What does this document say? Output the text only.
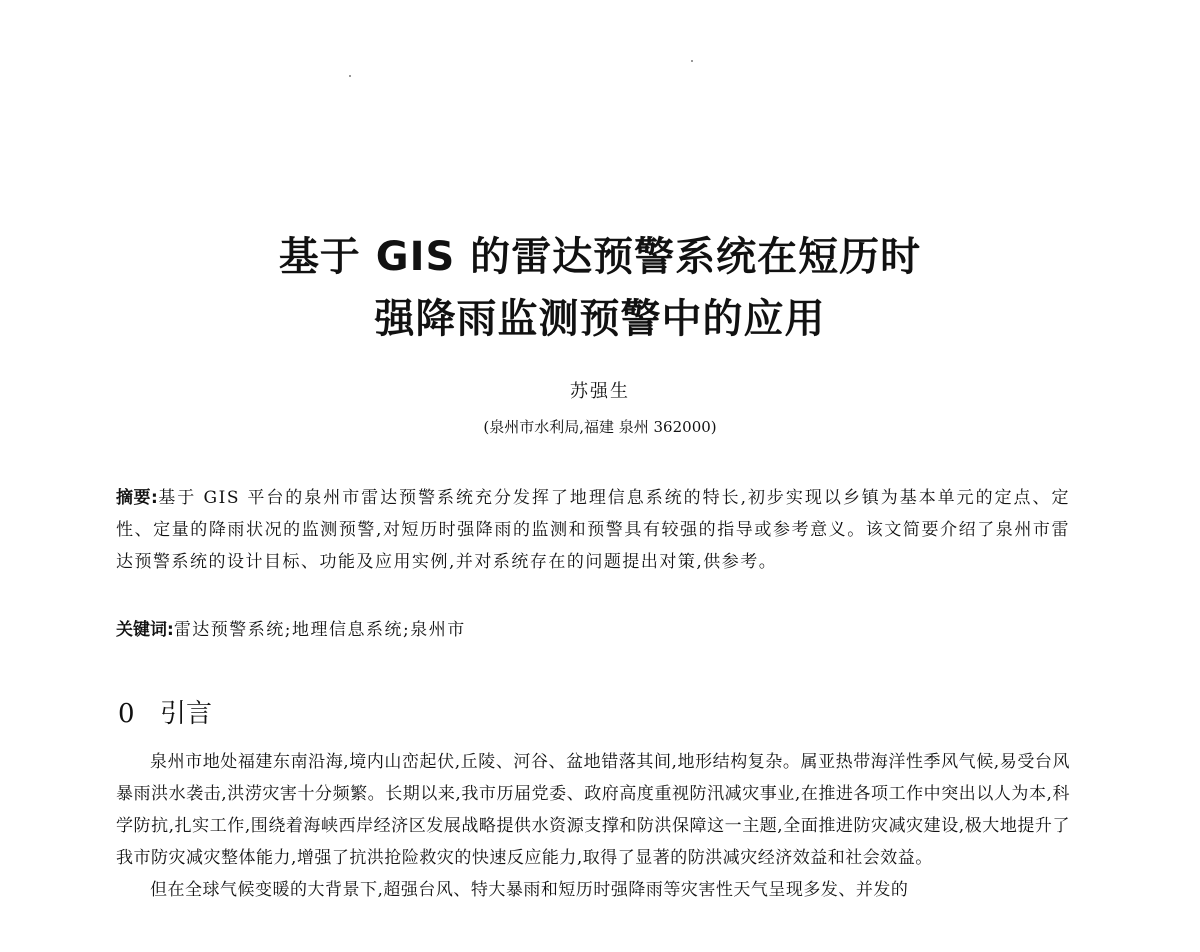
基于 GIS 的雷达预警系统在短历时
强降雨监测预警中的应用
苏强生
(泉州市水利局,福建 泉州 362000)
摘要:基于 GIS 平台的泉州市雷达预警系统充分发挥了地理信息系统的特长,初步实现以乡镇为基本单元的定点、定性、定量的降雨状况的监测预警,对短历时强降雨的监测和预警具有较强的指导或参考意义。该文简要介绍了泉州市雷达预警系统的设计目标、功能及应用实例,并对系统存在的问题提出对策,供参考。
关键词:雷达预警系统;地理信息系统;泉州市
0 引言

泉州市地处福建东南沿海,境内山峦起伏,丘陵、河谷、盆地错落其间,地形结构复杂。属亚热带海洋性季风气候,易受台风暴雨洪水袭击,洪涝灾害十分频繁。长期以来,我市历届党委、政府高度重视防汛减灾事业,在推进各项工作中突出以人为本,科学防抗,扎实工作,围绕着海峡西岸经济区发展战略提供水资源支撑和防洪保障这一主题,全面推进防灾减灾建设,极大地提升了我市防灾减灾整体能力,增强了抗洪抢险救灾的快速反应能力,取得了显著的防洪减灾经济效益和社会效益。

但在全球气候变暖的大背景下,超强台风、特大暴雨和短历时强降雨等灾害性天气呈现多发、并发的
